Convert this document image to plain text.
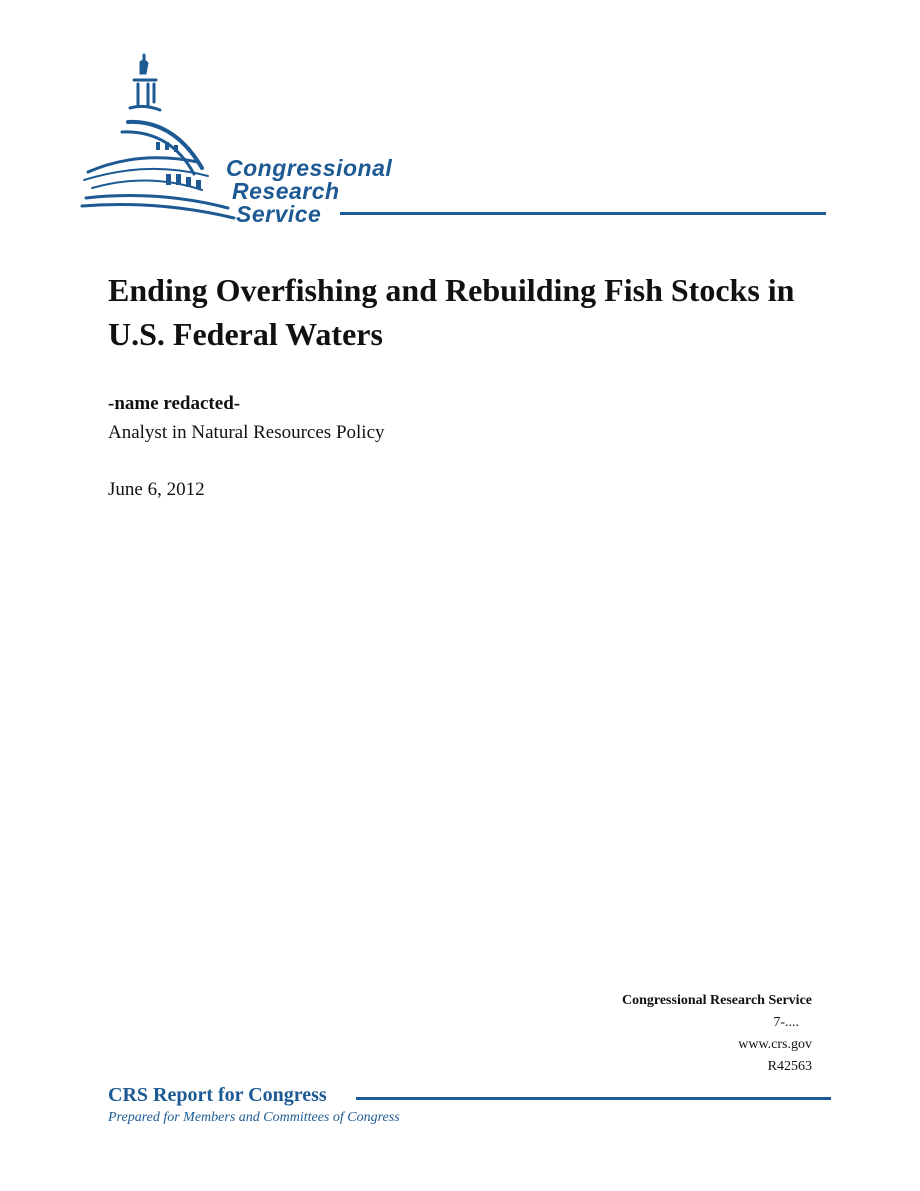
Congressional
Research
Service
Ending Overfishing and Rebuilding Fish Stocks in U.S. Federal Waters
-name redacted-
Analyst in Natural Resources Policy
June 6, 2012
Congressional Research Service
7-....
www.crs.gov
R42563
CRS Report for Congress
Prepared for Members and Committees of Congress
